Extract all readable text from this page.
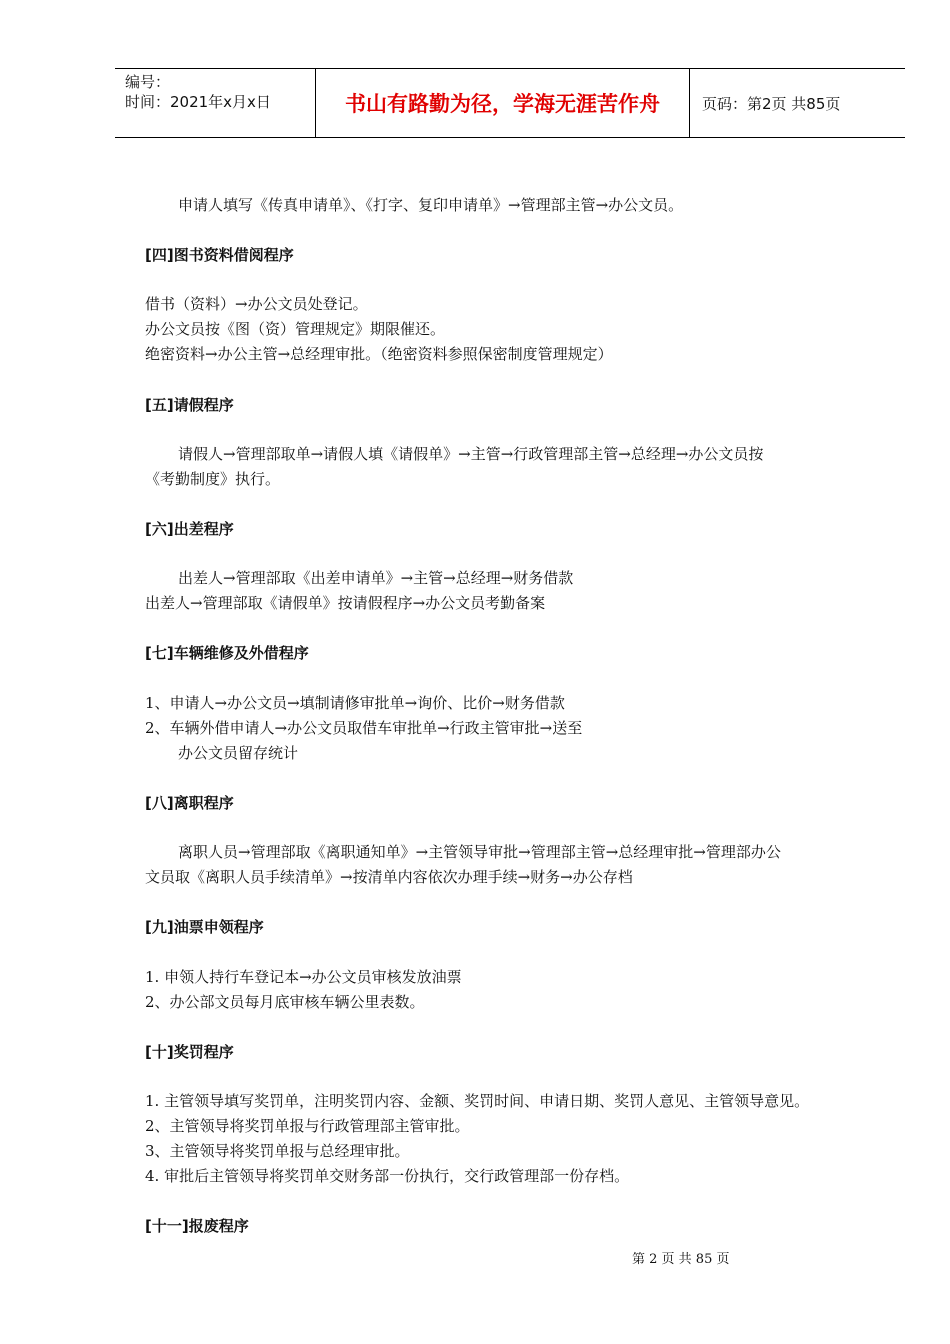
编号：
时间：2021年x月x日	书山有路勤为径，学海无涯苦作舟	页码：第2页 共85页
申请人填写《传真申请单》、《打字、复印申请单》→管理部主管→办公文员。
[四]图书资料借阅程序
借书（资料）→办公文员处登记。
办公文员按《图（资）管理规定》期限催还。
绝密资料→办公主管→总经理审批。（绝密资料参照保密制度管理规定）
[五]请假程序
请假人→管理部取单→请假人填《请假单》→主管→行政管理部主管→总经理→办公文员按
《考勤制度》执行。
[六]出差程序
出差人→管理部取《出差申请单》→主管→总经理→财务借款
出差人→管理部取《请假单》按请假程序→办公文员考勤备案
[七]车辆维修及外借程序
1、申请人→办公文员→填制请修审批单→询价、比价→财务借款
2、车辆外借申请人→办公文员取借车审批单→行政主管审批→送至
办公文员留存统计
[八]离职程序
离职人员→管理部取《离职通知单》→主管领导审批→管理部主管→总经理审批→管理部办公
文员取《离职人员手续清单》→按清单内容依次办理手续→财务→办公存档
[九]油票申领程序
1. 申领人持行车登记本→办公文员审核发放油票
2、办公部文员每月底审核车辆公里表数。
[十]奖罚程序
1. 主管领导填写奖罚单，注明奖罚内容、金额、奖罚时间、申请日期、奖罚人意见、主管领导意见。
2、主管领导将奖罚单报与行政管理部主管审批。
3、主管领导将奖罚单报与总经理审批。
4. 审批后主管领导将奖罚单交财务部一份执行，交行政管理部一份存档。
[十一]报废程序
第 2 页 共 85 页
